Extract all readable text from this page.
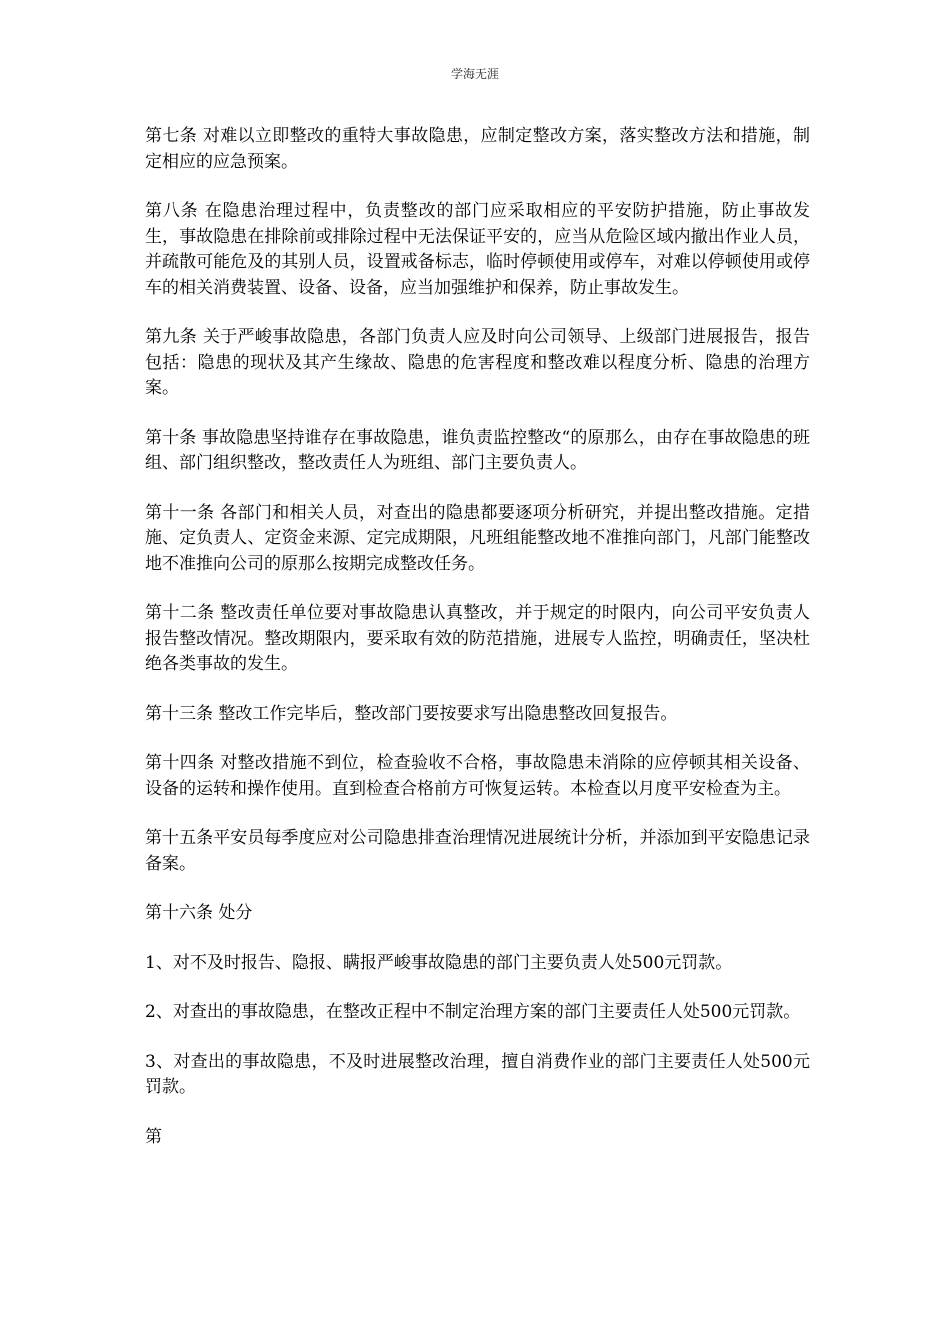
学海无涯

第七条 对难以立即整改的重特大事故隐患，应制定整改方案，落实整改方法和措施，制定相应的应急预案。

第八条 在隐患治理过程中，负责整改的部门应采取相应的平安防护措施，防止事故发生，事故隐患在排除前或排除过程中无法保证平安的，应当从危险区域内撤出作业人员，并疏散可能危及的其别人员，设置戒备标志，临时停顿使用或停车，对难以停顿使用或停车的相关消费装置、设备、设备，应当加强维护和保养，防止事故发生。

第九条 关于严峻事故隐患，各部门负责人应及时向公司领导、上级部门进展报告，报告包括：隐患的现状及其产生缘故、隐患的危害程度和整改难以程度分析、隐患的治理方案。

第十条 事故隐患坚持谁存在事故隐患，谁负责监控整改“的原那么，由存在事故隐患的班组、部门组织整改，整改责任人为班组、部门主要负责人。

第十一条 各部门和相关人员，对查出的隐患都要逐项分析研究，并提出整改措施。定措施、定负责人、定资金来源、定完成期限，凡班组能整改地不准推向部门，凡部门能整改地不准推向公司的原那么按期完成整改任务。

第十二条 整改责任单位要对事故隐患认真整改，并于规定的时限内，向公司平安负责人报告整改情况。整改期限内，要采取有效的防范措施，进展专人监控，明确责任，坚决杜绝各类事故的发生。

第十三条 整改工作完毕后，整改部门要按要求写出隐患整改回复报告。

第十四条 对整改措施不到位，检查验收不合格，事故隐患未消除的应停顿其相关设备、设备的运转和操作使用。直到检查合格前方可恢复运转。本检查以月度平安检查为主。

第十五条平安员每季度应对公司隐患排查治理情况进展统计分析，并添加到平安隐患记录备案。

第十六条 处分

1、对不及时报告、隐报、瞒报严峻事故隐患的部门主要负责人处500元罚款。

2、对查出的事故隐患，在整改正程中不制定治理方案的部门主要责任人处500元罚款。

3、对查出的事故隐患，不及时进展整改治理，擅自消费作业的部门主要责任人处500元罚款。

第
